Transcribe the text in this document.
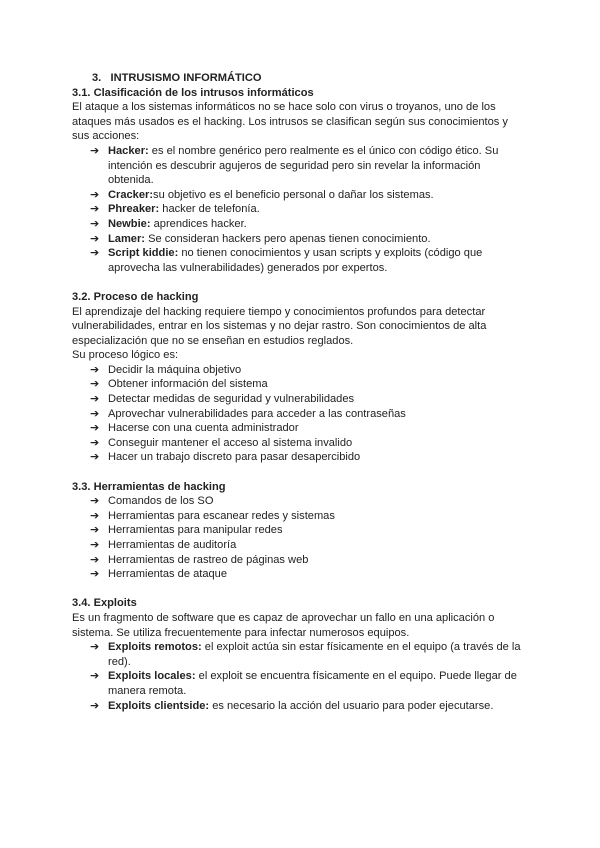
3. INTRUSISMO INFORMÁTICO

3.1. Clasificación de los intrusos informáticos

El ataque a los sistemas informáticos no se hace solo con virus o troyanos, uno de los ataques más usados es el hacking. Los intrusos se clasifican según sus conocimientos y sus acciones:

➔ Hacker: es el nombre genérico pero realmente es el único con código ético. Su intención es descubrir agujeros de seguridad pero sin revelar la información obtenida.
➔ Cracker:su objetivo es el beneficio personal o dañar los sistemas.
➔ Phreaker: hacker de telefonía.
➔ Newbie: aprendices hacker.
➔ Lamer: Se consideran hackers pero apenas tienen conocimiento.
➔ Script kiddie: no tienen conocimientos y usan scripts y exploits (código que aprovecha las vulnerabilidades) generados por expertos.

3.2. Proceso de hacking

El aprendizaje del hacking requiere tiempo y conocimientos profundos para detectar vulnerabilidades, entrar en los sistemas y no dejar rastro. Son conocimientos de alta especialización que no se enseñan en estudios reglados.

Su proceso lógico es:

➔ Decidir la máquina objetivo
➔ Obtener información del sistema
➔ Detectar medidas de seguridad y vulnerabilidades
➔ Aprovechar vulnerabilidades para acceder a las contraseñas
➔ Hacerse con una cuenta administrador
➔ Conseguir mantener el acceso al sistema invalido
➔ Hacer un trabajo discreto para pasar desapercibido

3.3. Herramientas de hacking

➔ Comandos de los SO
➔ Herramientas para escanear redes y sistemas
➔ Herramientas para manipular redes
➔ Herramientas de auditoría
➔ Herramientas de rastreo de páginas web
➔ Herramientas de ataque

3.4. Exploits

Es un fragmento de software que es capaz de aprovechar un fallo en una aplicación o sistema. Se utiliza frecuentemente para infectar numerosos equipos.

➔ Exploits remotos: el exploit actúa sin estar físicamente en el equipo (a través de la red).
➔ Exploits locales: el exploit se encuentra físicamente en el equipo. Puede llegar de manera remota.
➔ Exploits clientside: es necesario la acción del usuario para poder ejecutarse.
